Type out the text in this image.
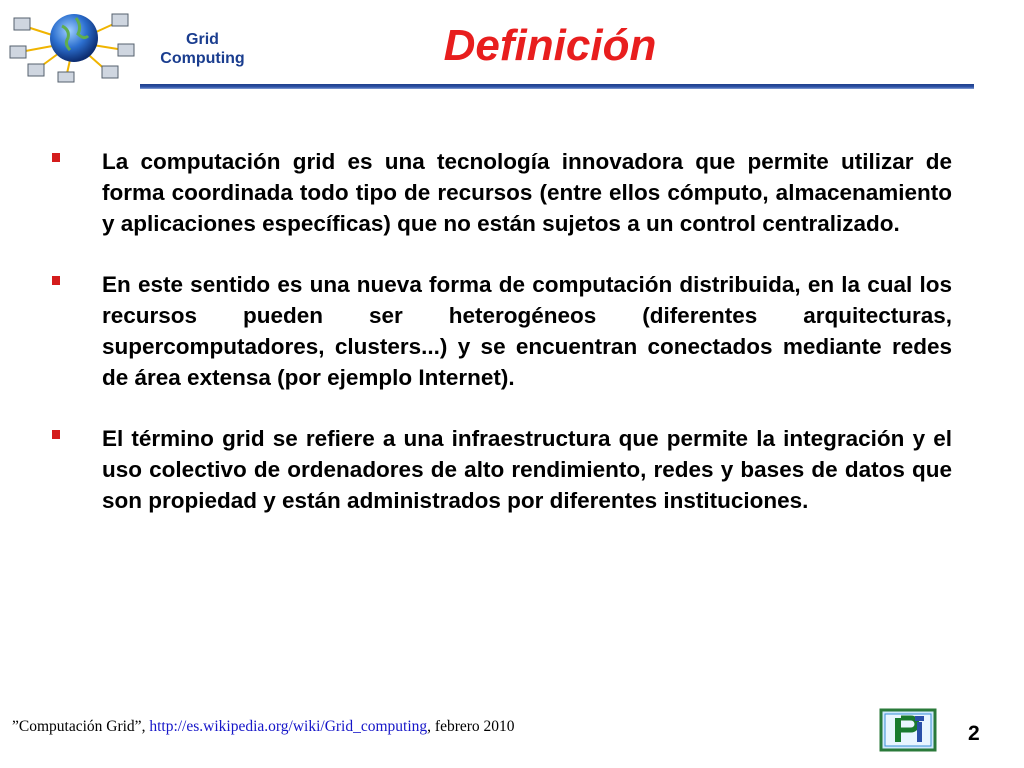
Grid
Computing	Definición

La computación grid es una tecnología innovadora que permite utilizar de forma coordinada todo tipo de recursos (entre ellos cómputo, almacenamiento y aplicaciones específicas) que no están sujetos a un control centralizado.

En este sentido es una nueva forma de computación distribuida, en la cual los recursos pueden ser heterogéneos (diferentes arquitecturas, supercomputadores, clusters...) y se encuentran conectados mediante redes de área extensa (por ejemplo Internet).

El término grid se refiere a una infraestructura que permite la integración y el uso colectivo de ordenadores de alto rendimiento, redes y bases de datos que son propiedad y están administrados por diferentes instituciones.

”Computación Grid”, http://es.wikipedia.org/wiki/Grid_computing, febrero 2010	2
